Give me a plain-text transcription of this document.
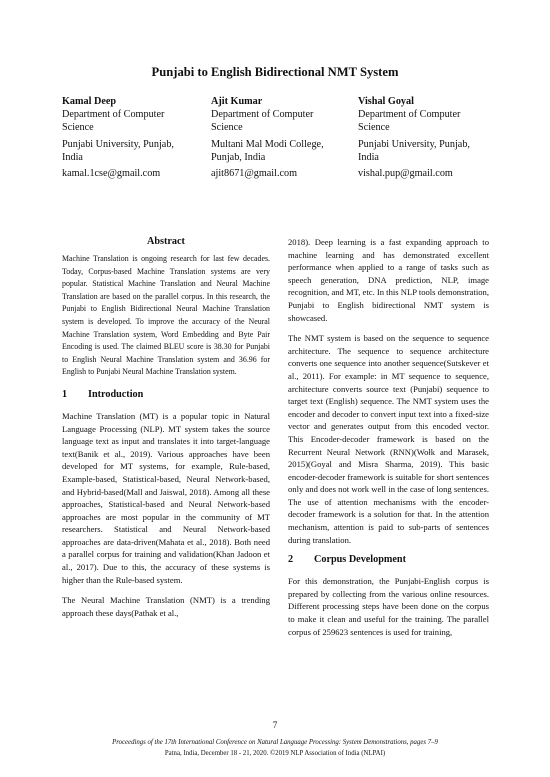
Punjabi to English Bidirectional NMT System
Kamal Deep
Department of Computer Science
Punjabi University, Punjab, India
kamal.1cse@gmail.com
Ajit Kumar
Department of Computer Science
Multani Mal Modi College, Punjab, India
ajit8671@gmail.com
Vishal Goyal
Department of Computer Science
Punjabi University, Punjab, India
vishal.pup@gmail.com
Abstract

Machine Translation is ongoing research for last few decades. Today, Corpus-based Machine Translation systems are very popular. Statistical Machine Translation and Neural Machine Translation are based on the parallel corpus. In this research, the Punjabi to English Bidirectional Neural Machine Translation system is developed. To improve the accuracy of the Neural Machine Translation system, Word Embedding and Byte Pair Encoding is used. The claimed BLEU score is 38.30 for Punjabi to English Neural Machine Translation system and 36.96 for English to Punjabi Neural Machine Translation system.

1 Introduction

Machine Translation (MT) is a popular topic in Natural Language Processing (NLP). MT system takes the source language text as input and translates it into target-language text(Banik et al., 2019). Various approaches have been developed for MT systems, for example, Rule-based, Example-based, Statistical-based, Neural Network-based, and Hybrid-based(Mall and Jaiswal, 2018). Among all these approaches, Statistical-based and Neural Network-based approaches are most popular in the community of MT researchers. Statistical and Neural Network-based approaches are data-driven(Mahata et al., 2018). Both need a parallel corpus for training and validation(Khan Jadoon et al., 2017). Due to this, the accuracy of these systems is higher than the Rule-based system.

The Neural Machine Translation (NMT) is a trending approach these days(Pathak et al.,

2018). Deep learning is a fast expanding approach to machine learning and has demonstrated excellent performance when applied to a range of tasks such as speech generation, DNA prediction, NLP, image recognition, and MT, etc. In this NLP tools demonstration, Punjabi to English bidirectional NMT system is showcased.

The NMT system is based on the sequence to sequence architecture. The sequence to sequence architecture converts one sequence into another sequence(Sutskever et al., 2011). For example: in MT sequence to sequence, architecture converts source text (Punjabi) sequence to target text (English) sequence. The NMT system uses the encoder and decoder to convert input text into a fixed-size vector and generates output from this encoded vector. This Encoder-decoder framework is based on the Recurrent Neural Network (RNN)(Wołk and Marasek, 2015)(Goyal and Misra Sharma, 2019). This basic encoder-decoder framework is suitable for short sentences only and does not work well in the case of long sentences. The use of attention mechanisms with the encoder-decoder framework is a solution for that. In the attention mechanism, attention is paid to sub-parts of sentences during translation.

2 Corpus Development

For this demonstration, the Punjabi-English corpus is prepared by collecting from the various online resources. Different processing steps have been done on the corpus to make it clean and useful for the training. The parallel corpus of 259623 sentences is used for training,

7
Proceedings of the 17th International Conference on Natural Language Processing: System Demonstrations, pages 7–9
Patna, India, December 18 - 21, 2020. ©2019 NLP Association of India (NLPAI)
